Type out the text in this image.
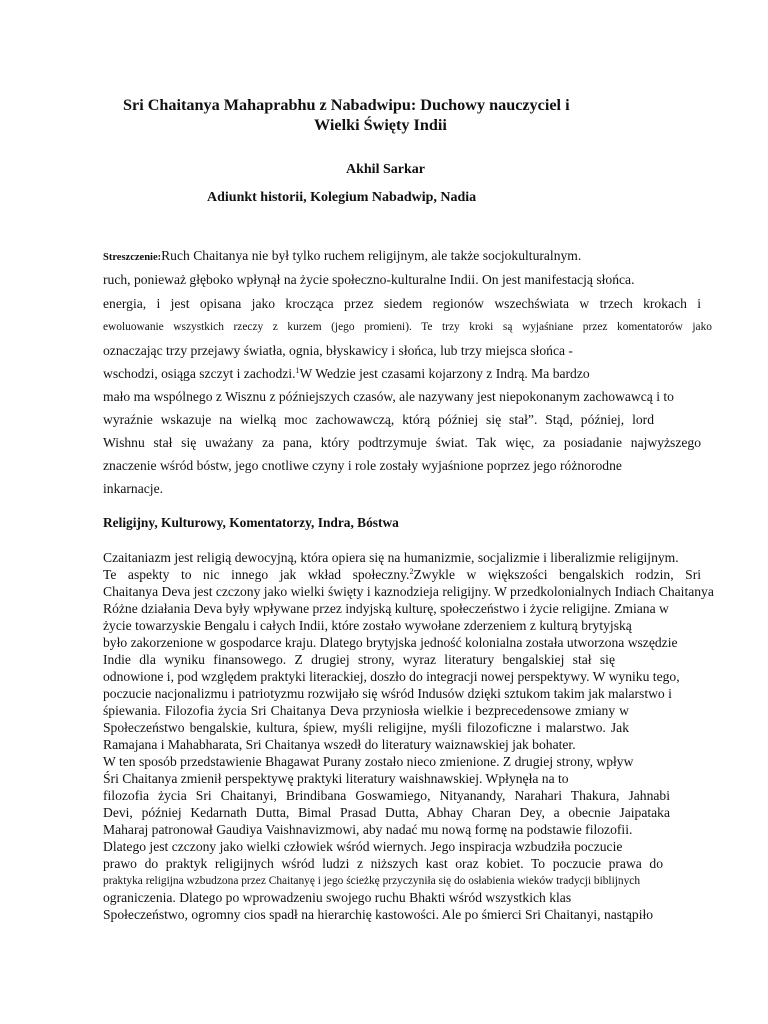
Sri Chaitanya Mahaprabhu z Nabadwipu: Duchowy nauczyciel i
Wielki Święty Indii
Akhil Sarkar
Adiunkt historii, Kolegium Nabadwip, Nadia
Streszczenie:Ruch Chaitanya nie był tylko ruchem religijnym, ale także socjokulturalnym.
ruch, ponieważ głęboko wpłynął na życie społeczno-kulturalne Indii. On jest manifestacją słońca.
energia, i jest opisana jako krocząca przez siedem regionów wszechświata w trzech krokach i
ewoluowanie wszystkich rzeczy z kurzem (jego promieni). Te trzy kroki są wyjaśniane przez komentatorów jako
oznaczając trzy przejawy światła, ognia, błyskawicy i słońca, lub trzy miejsca słońca -
wschodzi, osiąga szczyt i zachodzi.$^1$W Wedzie jest czasami kojarzony z Indrą. Ma bardzo
mało ma wspólnego z Wisznu z późniejszych czasów, ale nazywany jest niepokonanym zachowawcą i to
wyraźnie wskazuje na wielką moc zachowawczą, którą później się stał”. Stąd, później, lord
Wishnu stał się uważany za pana, który podtrzymuje świat. Tak więc, za posiadanie najwyższego
znaczenie wśród bóstw, jego cnotliwe czyny i role zostały wyjaśnione poprzez jego różnorodne
inkarnacje.
Religijny, Kulturowy, Komentatorzy, Indra, Bóstwa
Czaitaniazm jest religią dewocyjną, która opiera się na humanizmie, socjalizmie i liberalizmie religijnym.
Te aspekty to nic innego jak wkład społeczny.$^2$Zwykle w większości bengalskich rodzin, Sri
Chaitanya Deva jest czczony jako wielki święty i kaznodzieja religijny. W przedkolonialnych Indiach Chaitanya
Różne działania Deva były wpływane przez indyjską kulturę, społeczeństwo i życie religijne. Zmiana w
życie towarzyskie Bengalu i całych Indii, które zostało wywołane zderzeniem z kulturą brytyjską
było zakorzenione w gospodarce kraju. Dlatego brytyjska jedność kolonialna została utworzona wszędzie
Indie dla wyniku finansowego. Z drugiej strony, wyraz literatury bengalskiej stał się
odnowione i, pod względem praktyki literackiej, doszło do integracji nowej perspektywy. W wyniku tego,
poczucie nacjonalizmu i patriotyzmu rozwijało się wśród Indusów dzięki sztukom takim jak malarstwo i
śpiewania. Filozofia życia Sri Chaitanya Deva przyniosła wielkie i bezprecedensowe zmiany w
Społeczeństwo bengalskie, kultura, śpiew, myśli religijne, myśli filozoficzne i malarstwo. Jak
Ramajana i Mahabharata, Sri Chaitanya wszedł do literatury waiznawskiej jak bohater.
W ten sposób przedstawienie Bhagawat Purany zostało nieco zmienione. Z drugiej strony, wpływ
Śri Chaitanya zmienił perspektywę praktyki literatury waishnawskiej. Wpłynęła na to
filozofia życia Sri Chaitanyi, Brindibana Goswamiego, Nityanandy, Narahari Thakura, Jahnabi
Devi, później Kedarnath Dutta, Bimal Prasad Dutta, Abhay Charan Dey, a obecnie Jaipataka
Maharaj patronował Gaudiya Vaishnavizmowi, aby nadać mu nową formę na podstawie filozofii.
Dlatego jest czczony jako wielki człowiek wśród wiernych. Jego inspiracja wzbudziła poczucie
prawo do praktyk religijnych wśród ludzi z niższych kast oraz kobiet. To poczucie prawa do
praktyka religijna wzbudzona przez Chaitanyę i jego ścieżkę przyczyniła się do osłabienia wieków tradycji biblijnych
ograniczenia. Dlatego po wprowadzeniu swojego ruchu Bhakti wśród wszystkich klas
Społeczeństwo, ogromny cios spadł na hierarchię kastowości. Ale po śmierci Sri Chaitanyi, nastąpiło
